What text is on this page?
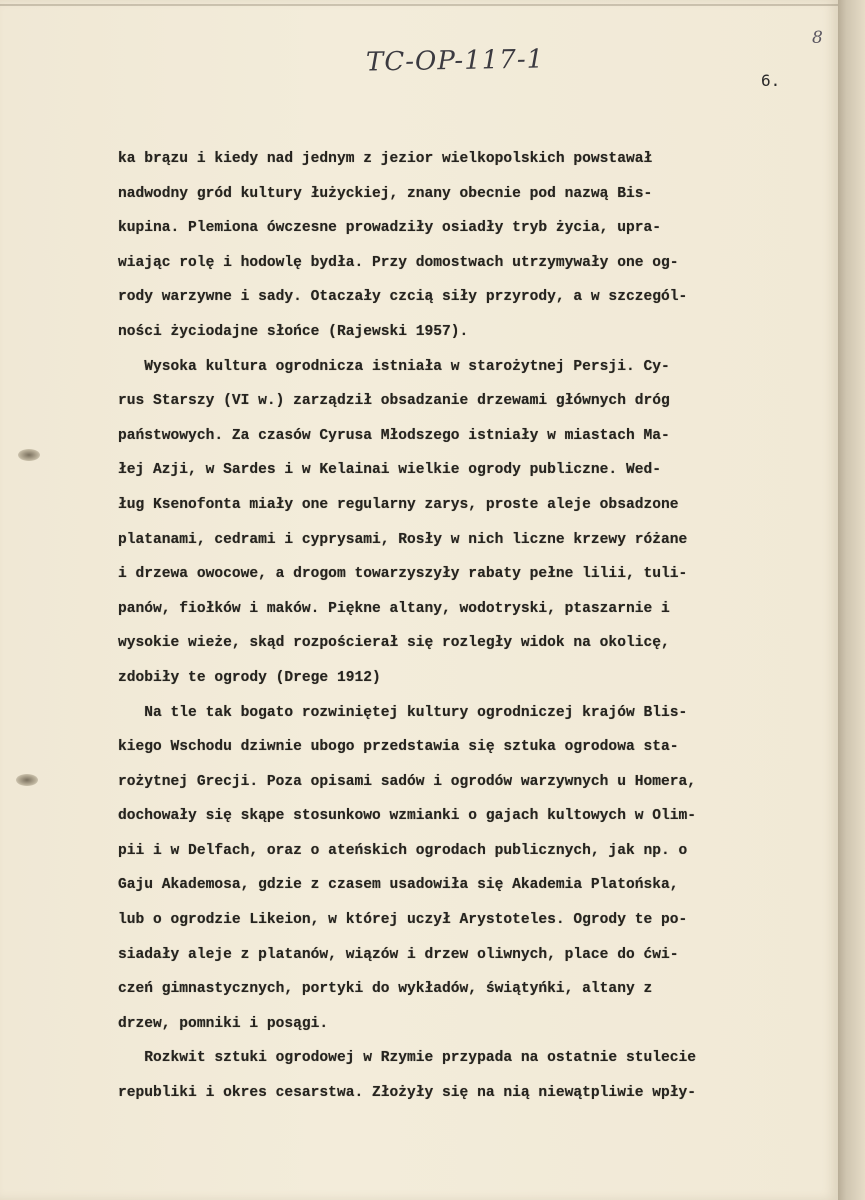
TC-OP-117-1
8
6.
ka brązu i kiedy nad jednym z jezior wielkopolskich powstawał
nadwodny gród kultury łużyckiej, znany obecnie pod nazwą Bis-
kupina. Plemiona ówczesne prowadziły osiadły tryb życia, upra-
wiając rolę i hodowlę bydła. Przy domostwach utrzymywały one og-
rody warzywne i sady. Otaczały czcią siły przyrody, a w szczegól-
ności życiodajne słońce (Rajewski 1957).
Wysoka kultura ogrodnicza istniała w starożytnej Persji. Cy-
rus Starszy (VI w.) zarządził obsadzanie drzewami głównych dróg
państwowych. Za czasów Cyrusa Młodszego istniały w miastach Ma-
łej Azji, w Sardes i w Kelainai wielkie ogrody publiczne. Wed-
ług Ksenofonta miały one regularny zarys, proste aleje obsadzone
platanami, cedrami i cyprysami, Rosły w nich liczne krzewy różane
i drzewa owocowe, a drogom towarzyszyły rabaty pełne lilii, tuli-
panów, fiołków i maków. Piękne altany, wodotryski, ptaszarnie i
wysokie wieże, skąd rozpościerał się rozległy widok na okolicę,
zdobiły te ogrody (Drege 1912)
Na tle tak bogato rozwiniętej kultury ogrodniczej krajów Blis-
kiego Wschodu dziwnie ubogo przedstawia się sztuka ogrodowa sta-
rożytnej Grecji. Poza opisami sadów i ogrodów warzywnych u Homera,
dochowały się skąpe stosunkowo wzmianki o gajach kultowych w Olim-
pii i w Delfach, oraz o ateńskich ogrodach publicznych, jak np. o
Gaju Akademosa, gdzie z czasem usadowiła się Akademia Platońska,
lub o ogrodzie Likeion, w której uczył Arystoteles. Ogrody te po-
siadały aleje z platanów, wiązów i drzew oliwnych, place do ćwi-
czeń gimnastycznych, portyki do wykładów, świątyńki, altany z
drzew, pomniki i posągi.
Rozkwit sztuki ogrodowej w Rzymie przypada na ostatnie stulecie
republiki i okres cesarstwa. Złożyły się na nią niewątpliwie wpły-
